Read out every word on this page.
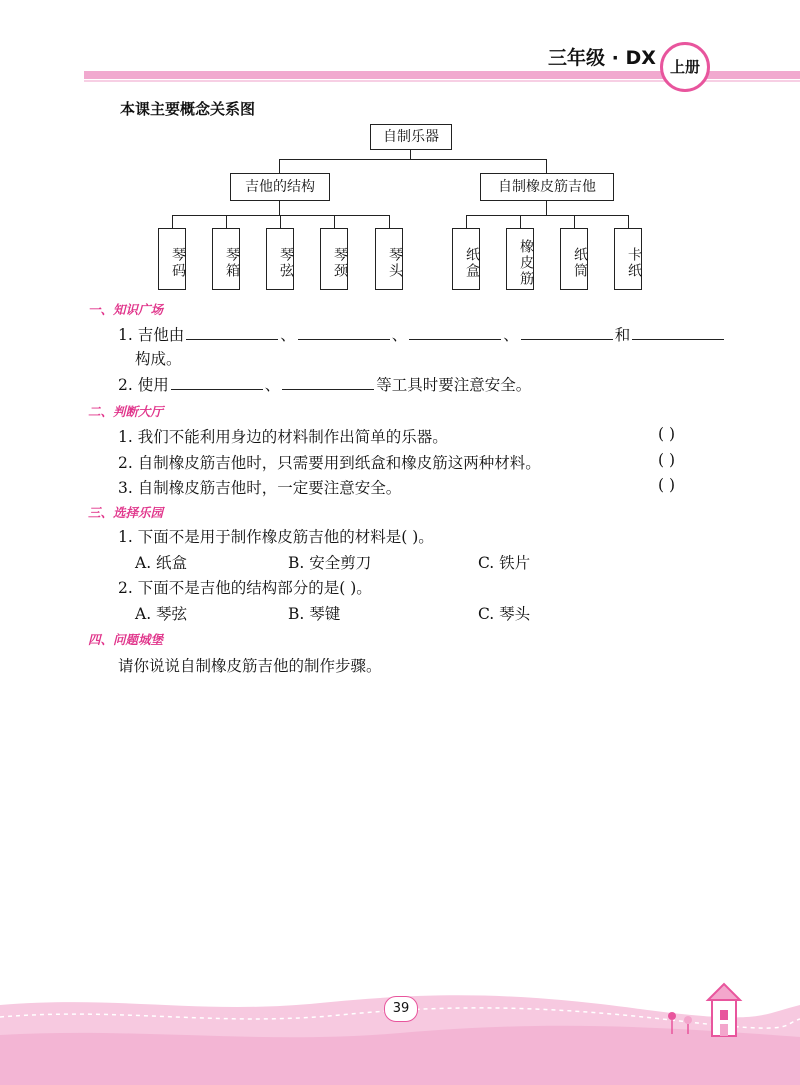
三年级 · DX 上册
本课主要概念关系图
自制乐器
吉他的结构	自制橡皮筋吉他
琴码	琴箱	琴弦	琴颈	琴头	纸盒	橡皮筋	纸筒	卡纸
一、知识广场
1. 吉他由	、	、	、	和
构成。
2. 使用	、	等工具时要注意安全。
二、判断大厅
1. 我们不能利用身边的材料制作出简单的乐器。	( )
2. 自制橡皮筋吉他时，只需要用到纸盒和橡皮筋这两种材料。	( )
3. 自制橡皮筋吉他时，一定要注意安全。	( )
三、选择乐园
1. 下面不是用于制作橡皮筋吉他的材料是( )。
A. 纸盒	B. 安全剪刀	C. 铁片
2. 下面不是吉他的结构部分的是( )。
A. 琴弦	B. 琴键	C. 琴头
四、问题城堡
请你说说自制橡皮筋吉他的制作步骤。
39
